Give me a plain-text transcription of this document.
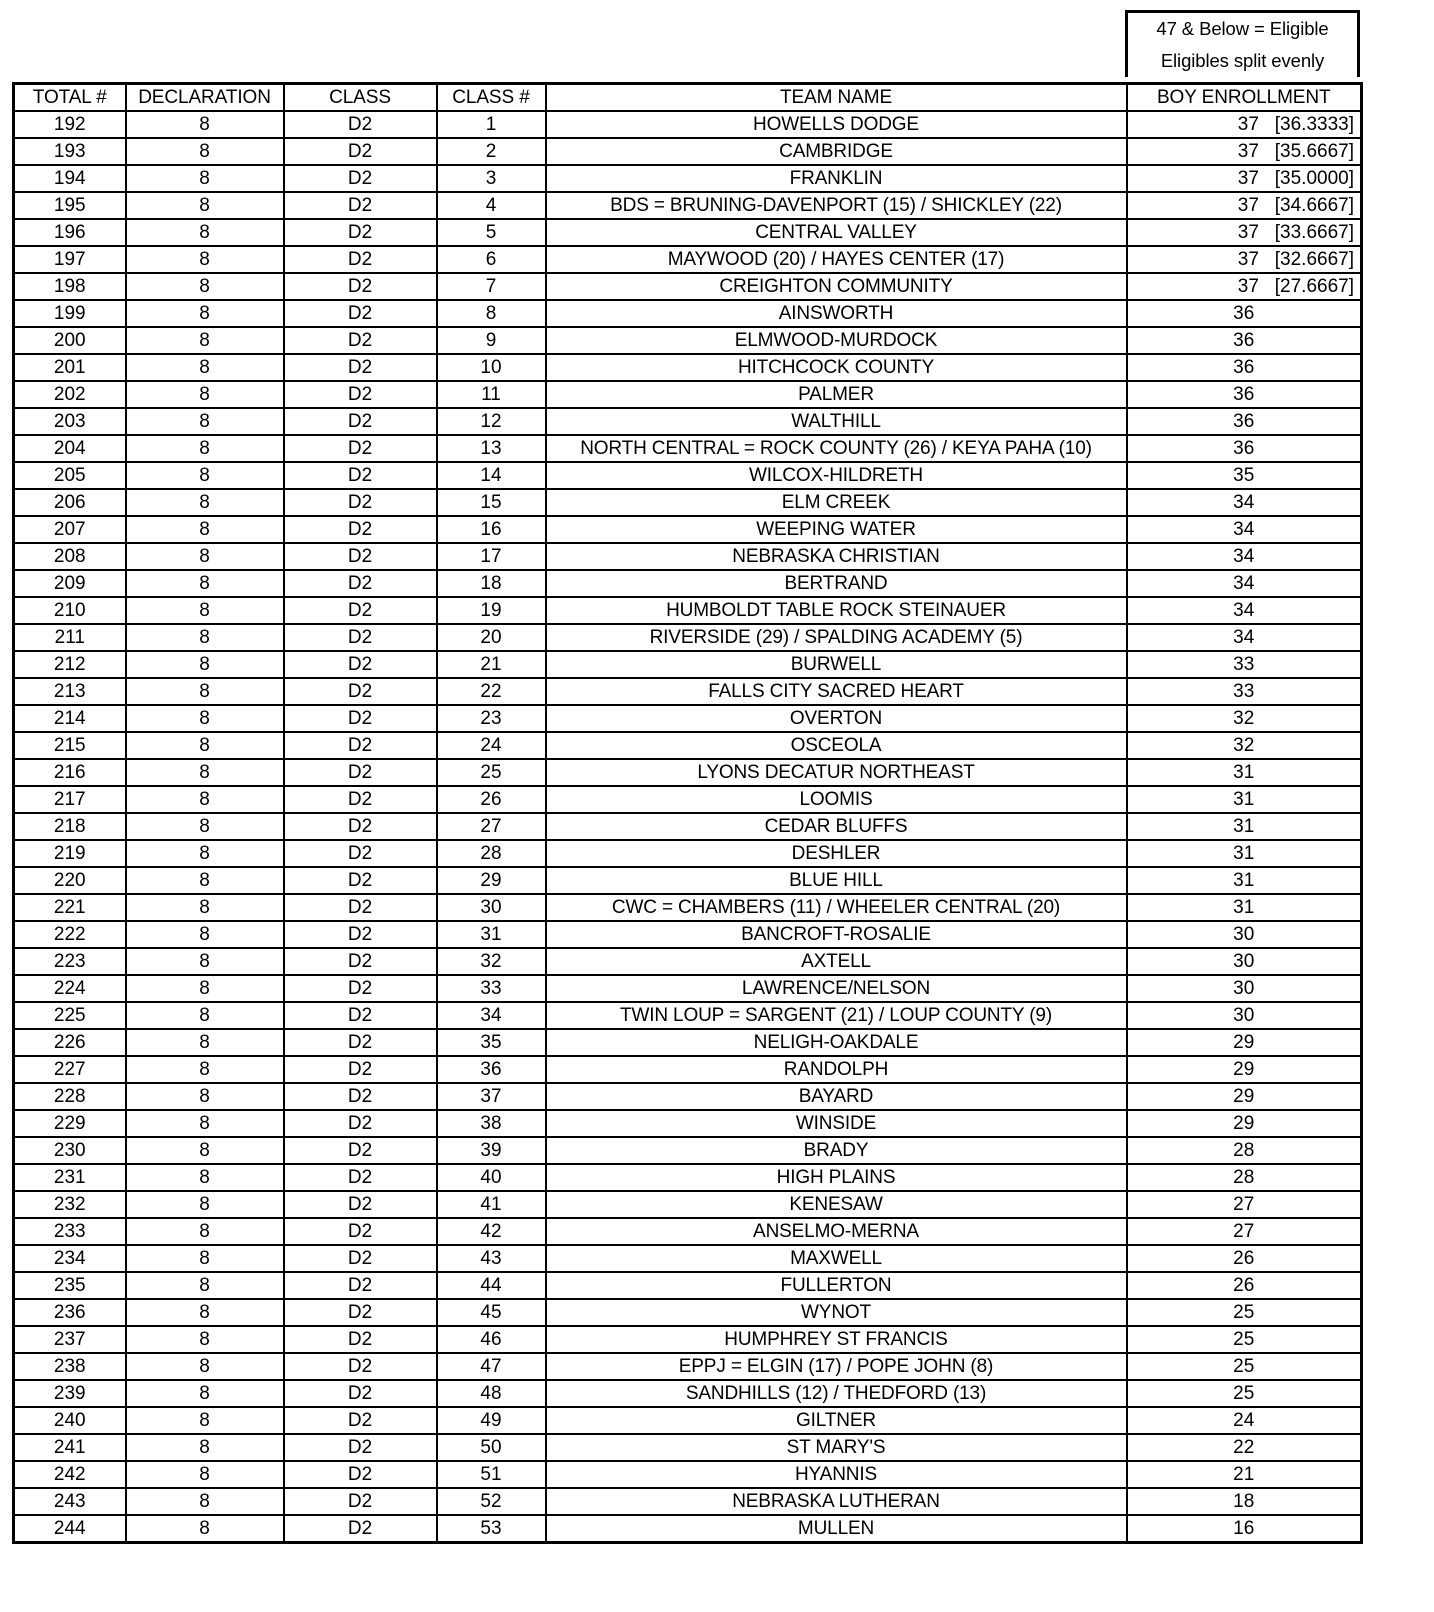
47 & Below = Eligible
Eligibles split evenly
TOTAL #	DECLARATION	CLASS	CLASS #	TEAM NAME	BOY ENROLLMENT
192	8	D2	1	HOWELLS DODGE	37   [36.3333]

193	8	D2	2	CAMBRIDGE	37   [35.6667]

194	8	D2	3	FRANKLIN	37   [35.0000]

195	8	D2	4	BDS = BRUNING-DAVENPORT (15) / SHICKLEY (22)	37   [34.6667]

196	8	D2	5	CENTRAL VALLEY	37   [33.6667]

197	8	D2	6	MAYWOOD (20) / HAYES CENTER (17)	37   [32.6667]

198	8	D2	7	CREIGHTON COMMUNITY	37   [27.6667]

199	8	D2	8	AINSWORTH	36

200	8	D2	9	ELMWOOD-MURDOCK	36

201	8	D2	10	HITCHCOCK COUNTY	36

202	8	D2	11	PALMER	36

203	8	D2	12	WALTHILL	36

204	8	D2	13	NORTH CENTRAL = ROCK COUNTY (26) / KEYA PAHA (10)	36

205	8	D2	14	WILCOX-HILDRETH	35

206	8	D2	15	ELM CREEK	34

207	8	D2	16	WEEPING WATER	34

208	8	D2	17	NEBRASKA CHRISTIAN	34

209	8	D2	18	BERTRAND	34

210	8	D2	19	HUMBOLDT TABLE ROCK STEINAUER	34

211	8	D2	20	RIVERSIDE (29) / SPALDING ACADEMY (5)	34

212	8	D2	21	BURWELL	33

213	8	D2	22	FALLS CITY SACRED HEART	33

214	8	D2	23	OVERTON	32

215	8	D2	24	OSCEOLA	32

216	8	D2	25	LYONS DECATUR NORTHEAST	31

217	8	D2	26	LOOMIS	31

218	8	D2	27	CEDAR BLUFFS	31

219	8	D2	28	DESHLER	31

220	8	D2	29	BLUE HILL	31

221	8	D2	30	CWC = CHAMBERS (11) / WHEELER CENTRAL (20)	31

222	8	D2	31	BANCROFT-ROSALIE	30

223	8	D2	32	AXTELL	30

224	8	D2	33	LAWRENCE/NELSON	30

225	8	D2	34	TWIN LOUP = SARGENT (21) / LOUP COUNTY (9)	30

226	8	D2	35	NELIGH-OAKDALE	29

227	8	D2	36	RANDOLPH	29

228	8	D2	37	BAYARD	29

229	8	D2	38	WINSIDE	29

230	8	D2	39	BRADY	28

231	8	D2	40	HIGH PLAINS	28

232	8	D2	41	KENESAW	27

233	8	D2	42	ANSELMO-MERNA	27

234	8	D2	43	MAXWELL	26

235	8	D2	44	FULLERTON	26

236	8	D2	45	WYNOT	25

237	8	D2	46	HUMPHREY ST FRANCIS	25

238	8	D2	47	EPPJ = ELGIN (17) / POPE JOHN (8)	25

239	8	D2	48	SANDHILLS (12) / THEDFORD (13)	25

240	8	D2	49	GILTNER	24

241	8	D2	50	ST MARY'S	22

242	8	D2	51	HYANNIS	21

243	8	D2	52	NEBRASKA LUTHERAN	18

244	8	D2	53	MULLEN	16
